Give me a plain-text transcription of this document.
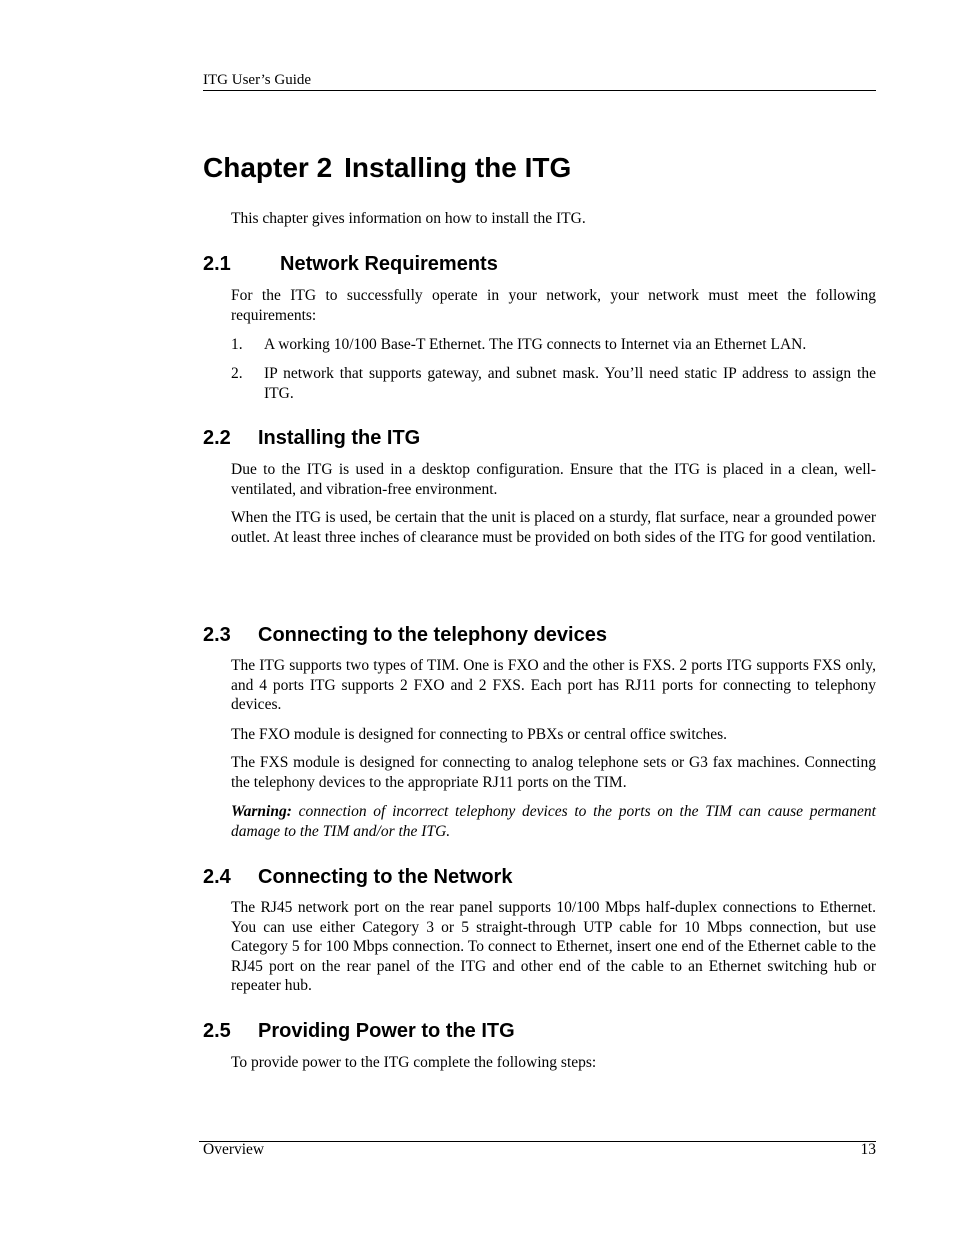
ITG User’s Guide
Chapter 2 Installing the ITG

This chapter gives information on how to install the ITG.

2.1 Network Requirements

For the ITG to successfully operate in your network, your network must meet the following requirements:

1. A working 10/100 Base-T Ethernet. The ITG connects to Internet via an Ethernet LAN.
2. IP network that supports gateway, and subnet mask. You’ll need static IP address to assign the ITG.
2.2 Installing the ITG

Due to the ITG is used in a desktop configuration. Ensure that the ITG is placed in a clean, well-ventilated, and vibration-free environment.

When the ITG is used, be certain that the unit is placed on a sturdy, flat surface, near a grounded power outlet. At least three inches of clearance must be provided on both sides of the ITG for good ventilation.

2.3 Connecting to the telephony devices

The ITG supports two types of TIM. One is FXO and the other is FXS. 2 ports ITG supports FXS only, and 4 ports ITG supports 2 FXO and 2 FXS. Each port has RJ11 ports for connecting to telephony devices.

The FXO module is designed for connecting to PBXs or central office switches.

The FXS module is designed for connecting to analog telephone sets or G3 fax machines. Connecting the telephony devices to the appropriate RJ11 ports on the TIM.

Warning: connection of incorrect telephony devices to the ports on the TIM can cause permanent damage to the TIM and/or the ITG.

2.4 Connecting to the Network

The RJ45 network port on the rear panel supports 10/100 Mbps half-duplex connections to Ethernet. You can use either Category 3 or 5 straight-through UTP cable for 10 Mbps connection, but use Category 5 for 100 Mbps connection. To connect to Ethernet, insert one end of the Ethernet cable to the RJ45 port on the rear panel of the ITG and other end of the cable to an Ethernet switching hub or repeater hub.

2.5 Providing Power to the ITG

To provide power to the ITG complete the following steps:

Overview	13
